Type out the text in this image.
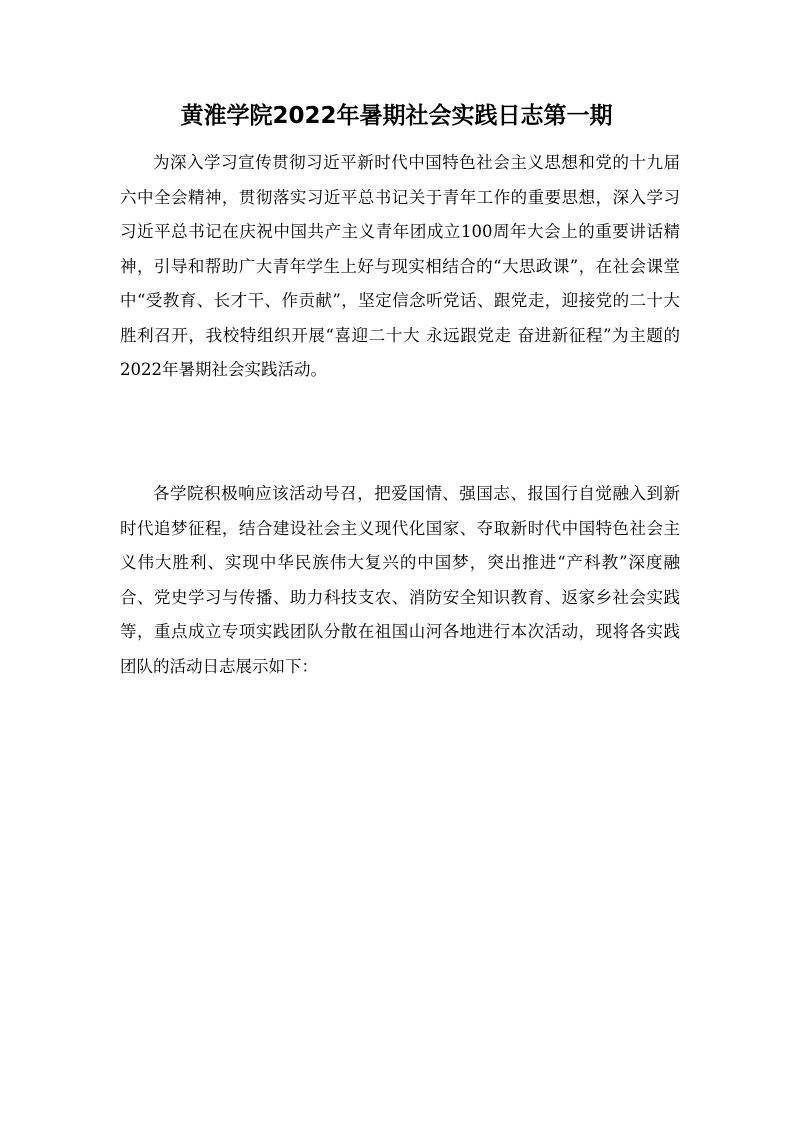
黄淮学院2022年暑期社会实践日志第一期

为深入学习宣传贯彻习近平新时代中国特色社会主义思想和党的十九届六中全会精神，贯彻落实习近平总书记关于青年工作的重要思想，深入学习习近平总书记在庆祝中国共产主义青年团成立100周年大会上的重要讲话精神，引导和帮助广大青年学生上好与现实相结合的“大思政课”，在社会课堂中“受教育、长才干、作贡献”，坚定信念听党话、跟党走，迎接党的二十大胜利召开，我校特组织开展“喜迎二十大 永远跟党走 奋进新征程”为主题的2022年暑期社会实践活动。

各学院积极响应该活动号召，把爱国情、强国志、报国行自觉融入到新时代追梦征程，结合建设社会主义现代化国家、夺取新时代中国特色社会主义伟大胜利、实现中华民族伟大复兴的中国梦，突出推进“产科教”深度融合、党史学习与传播、助力科技支农、消防安全知识教育、返家乡社会实践等，重点成立专项实践团队分散在祖国山河各地进行本次活动，现将各实践团队的活动日志展示如下：
